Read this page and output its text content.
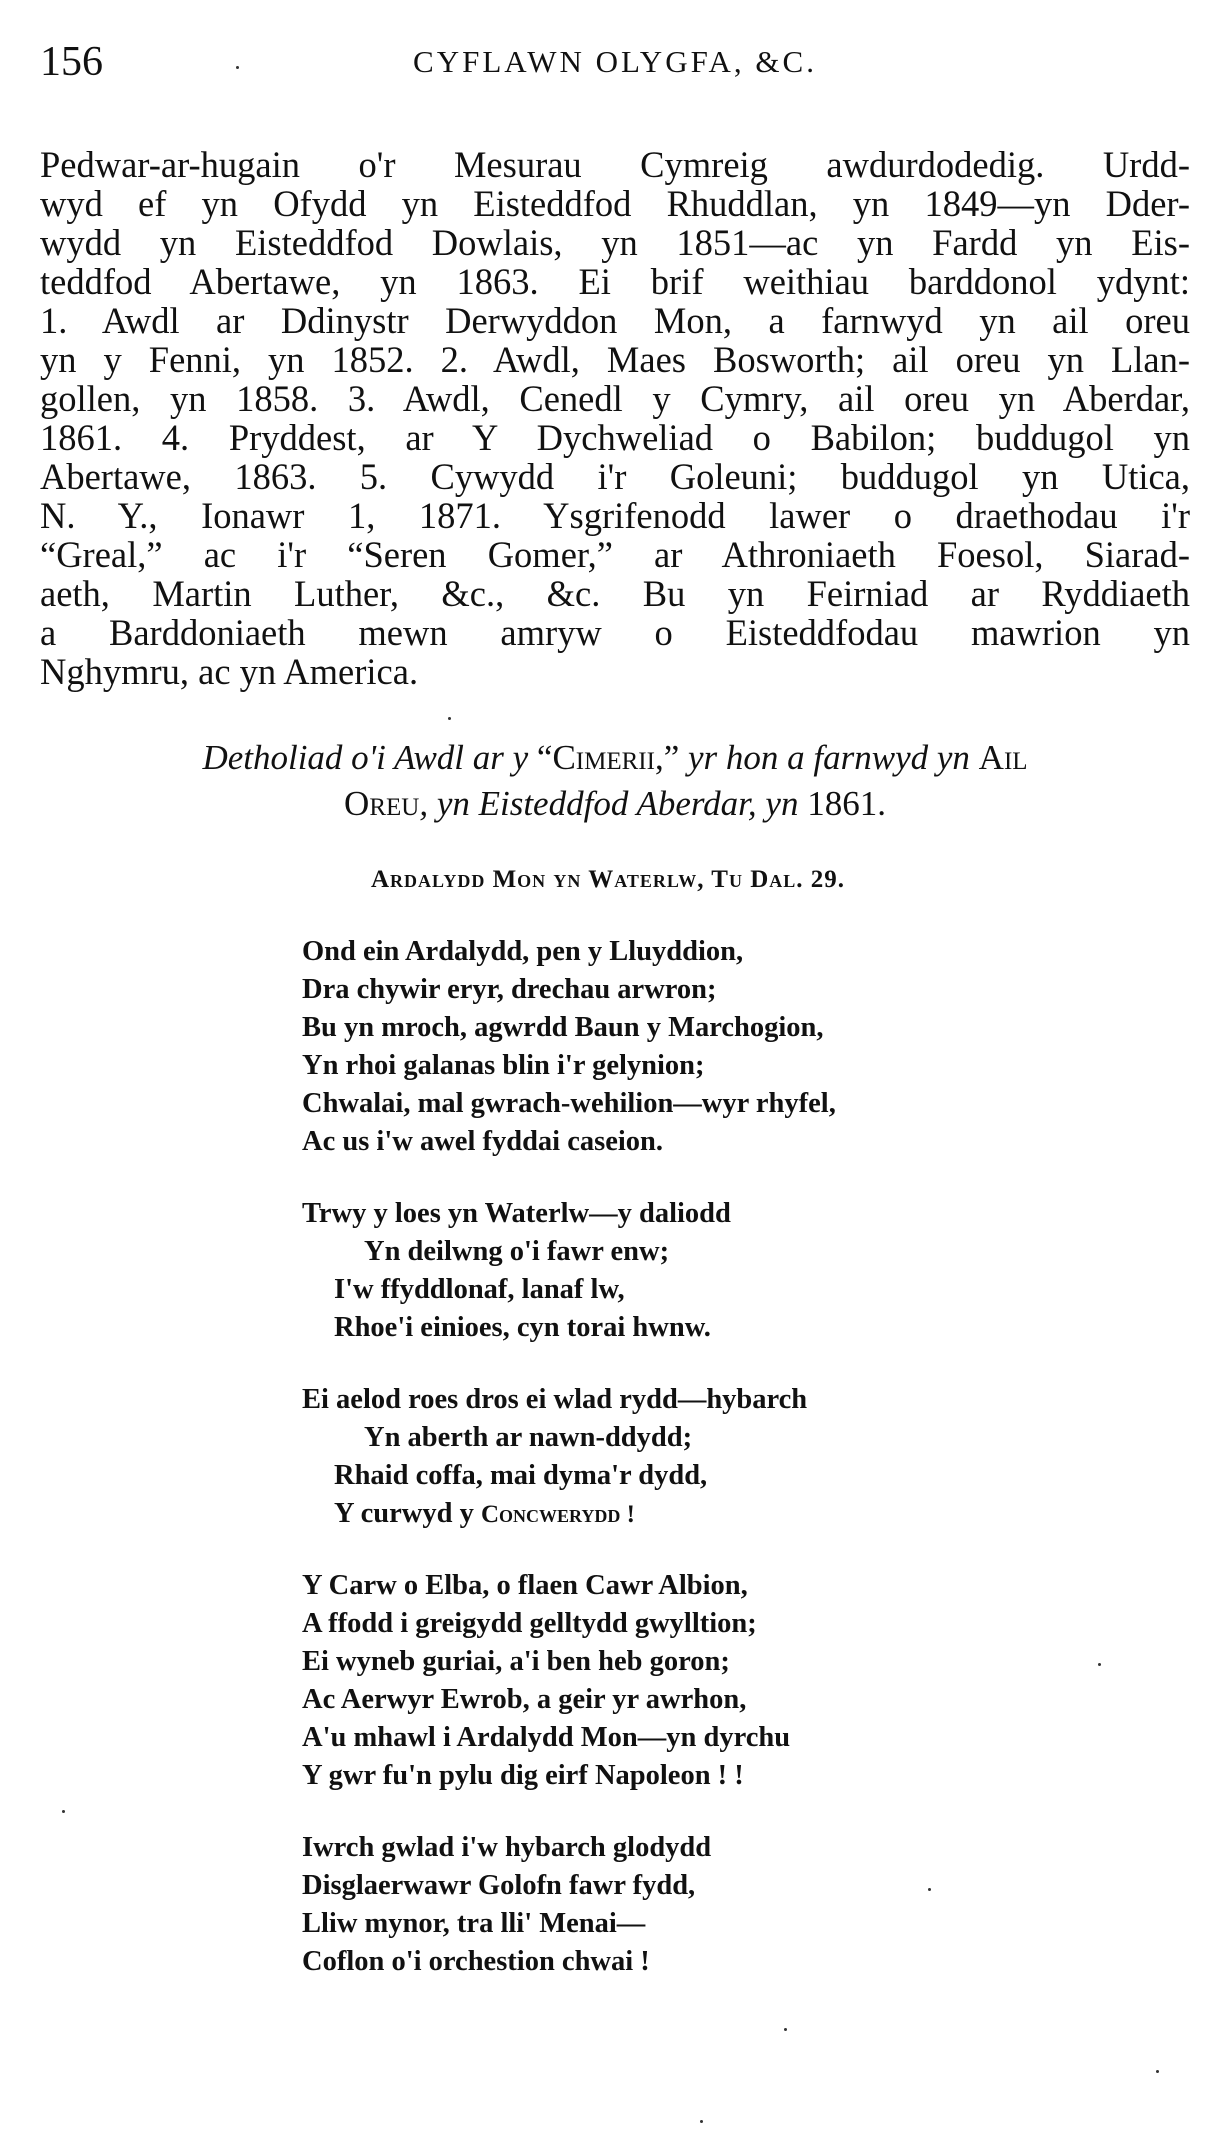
156	CYFLAWN OLYGFA, &C.
Pedwar-ar-hugain o'r Mesurau Cymreig awdurdodedig. Urdd-
wyd ef yn Ofydd yn Eisteddfod Rhuddlan, yn 1849—yn Dder-
wydd yn Eisteddfod Dowlais, yn 1851—ac yn Fardd yn Eis-
teddfod Abertawe, yn 1863. Ei brif weithiau barddonol ydynt:
1. Awdl ar Ddinystr Derwyddon Mon, a farnwyd yn ail oreu
yn y Fenni, yn 1852. 2. Awdl, Maes Bosworth; ail oreu yn Llan-
gollen, yn 1858. 3. Awdl, Cenedl y Cymry, ail oreu yn Aberdar,
1861. 4. Pryddest, ar Y Dychweliad o Babilon; buddugol yn
Abertawe, 1863. 5. Cywydd i'r Goleuni; buddugol yn Utica,
N. Y., Ionawr 1, 1871. Ysgrifenodd lawer o draethodau i'r
“Greal,” ac i'r “Seren Gomer,” ar Athroniaeth Foesol, Siarad-
aeth, Martin Luther, &c., &c. Bu yn Feirniad ar Ryddiaeth
a Barddoniaeth mewn amryw o Eisteddfodau mawrion yn
Nghymru, ac yn America.
Detholiad o'i Awdl ar y “Cimerii,” yr hon a farnwyd yn Ail
Oreu, yn Eisteddfod Aberdar, yn 1861.
Ardalydd Mon yn Waterlw, Tu Dal. 29.
Ond ein Ardalydd, pen y Lluyddion,
Dra chywir eryr, drechau arwron;
Bu yn mroch, agwrdd Baun y Marchogion,
Yn rhoi galanas blin i'r gelynion;
Chwalai, mal gwrach-wehilion—wyr rhyfel,
Ac us i'w awel fyddai caseion.
Trwy y loes yn Waterlw—y daliodd
Yn deilwng o'i fawr enw;
I'w ffyddlonaf, lanaf lw,
Rhoe'i einioes, cyn torai hwnw.
Ei aelod roes dros ei wlad rydd—hybarch
Yn aberth ar nawn-ddydd;
Rhaid coffa, mai dyma'r dydd,
Y curwyd y Concwerydd !
Y Carw o Elba, o flaen Cawr Albion,
A ffodd i greigydd gelltydd gwylltion;
Ei wyneb guriai, a'i ben heb goron;
Ac Aerwyr Ewrob, a geir yr awrhon,
A'u mhawl i Ardalydd Mon—yn dyrchu
Y gwr fu'n pylu dig eirf Napoleon ! !
Iwrch gwlad i'w hybarch glodydd
Disglaerwawr Golofn fawr fydd,
Lliw mynor, tra lli' Menai—
Coflon o'i orchestion chwai !
